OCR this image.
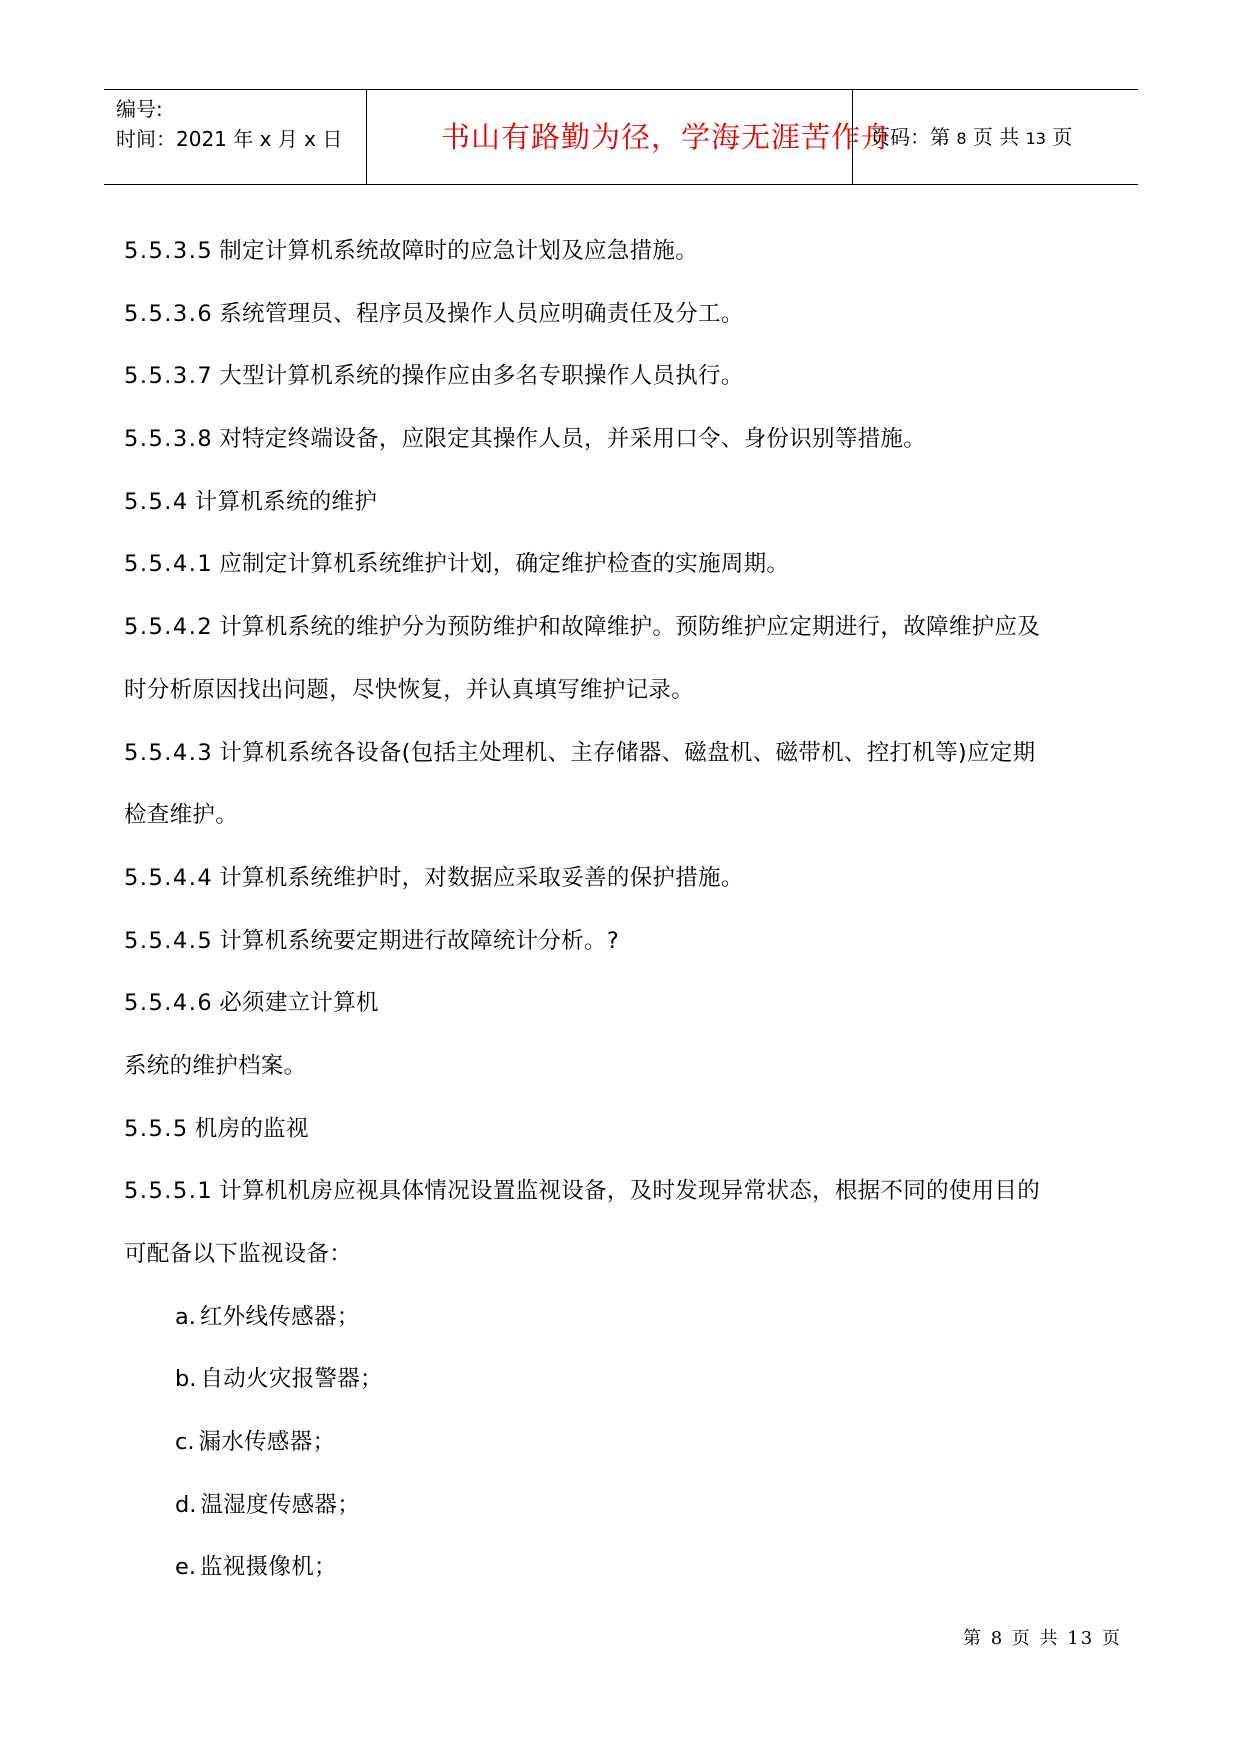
编号:
时间：2021 年 x 月 x 日	书山有路勤为径，学海无涯苦作舟
页码：第 8 页 共 13 页
5.5.3.5 制定计算机系统故障时的应急计划及应急措施。
5.5.3.6 系统管理员、程序员及操作人员应明确责任及分工。
5.5.3.7 大型计算机系统的操作应由多名专职操作人员执行。
5.5.3.8 对特定终端设备，应限定其操作人员，并采用口令、身份识别等措施。
5.5.4 计算机系统的维护
5.5.4.1 应制定计算机系统维护计划，确定维护检查的实施周期。
5.5.4.2 计算机系统的维护分为预防维护和故障维护。预防维护应定期进行，故障维护应及
时分析原因找出问题，尽快恢复，并认真填写维护记录。
5.5.4.3 计算机系统各设备(包括主处理机、主存储器、磁盘机、磁带机、控打机等)应定期
检查维护。
5.5.4.4 计算机系统维护时，对数据应采取妥善的保护措施。
5.5.4.5 计算机系统要定期进行故障统计分析。?
5.5.4.6 必须建立计算机
系统的维护档案。
5.5.5 机房的监视
5.5.5.1 计算机机房应视具体情况设置监视设备，及时发现异常状态，根据不同的使用目的
可配备以下监视设备：
a. 红外线传感器；
b. 自动火灾报警器；
c. 漏水传感器；
d. 温湿度传感器；
e. 监视摄像机；
第 8 页 共 13 页
